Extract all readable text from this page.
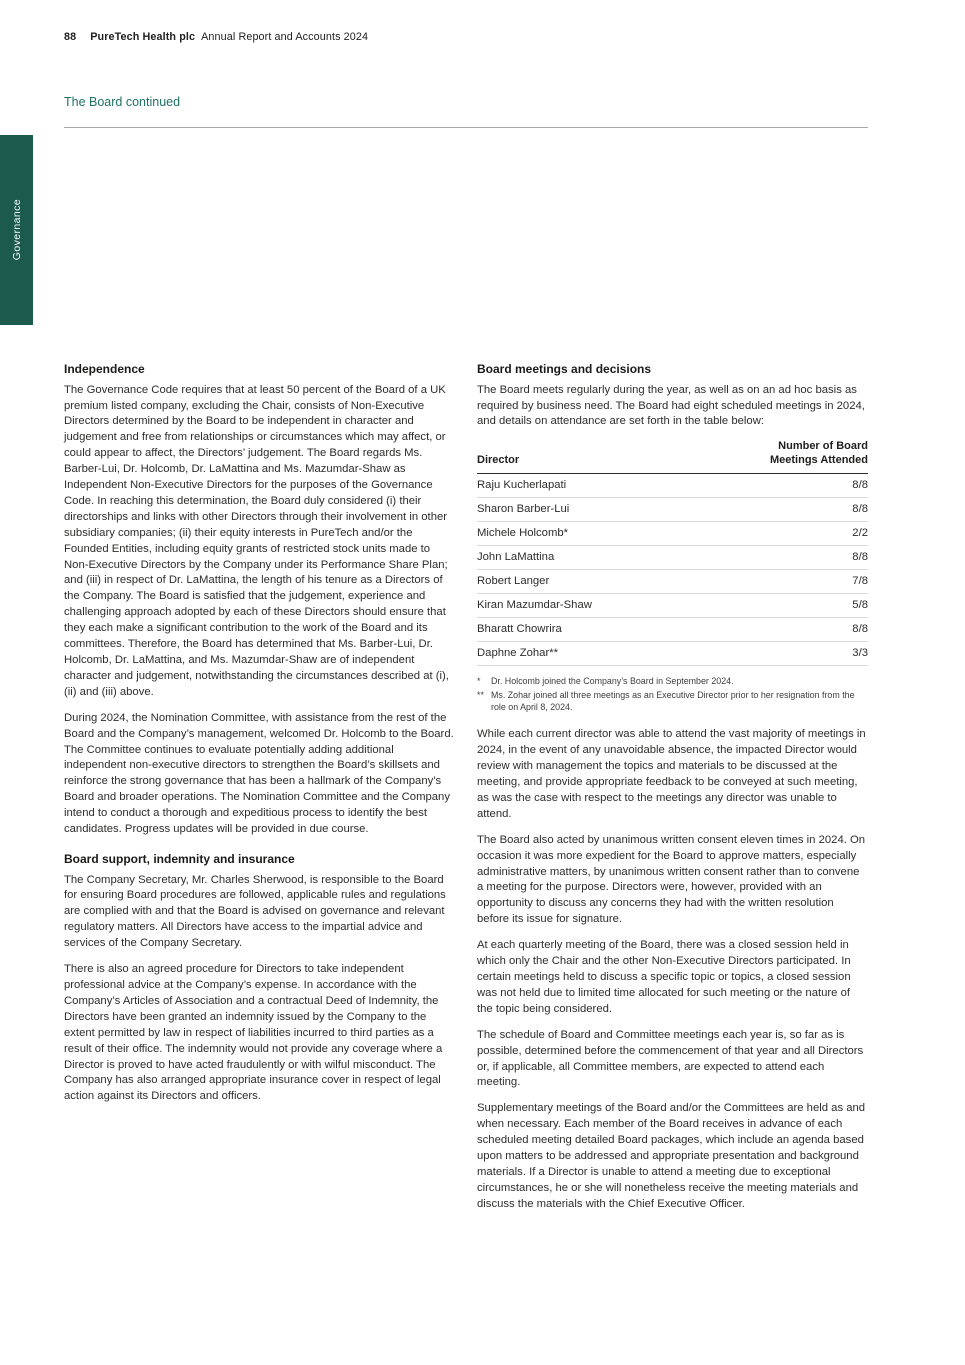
88 PureTech Health plc Annual Report and Accounts 2024
The Board continued
Governance
Independence

The Governance Code requires that at least 50 percent of the Board of a UK premium listed company, excluding the Chair, consists of Non-Executive Directors determined by the Board to be independent in character and judgement and free from relationships or circumstances which may affect, or could appear to affect, the Directors’ judgement. The Board regards Ms. Barber-Lui, Dr. Holcomb, Dr. LaMattina and Ms. Mazumdar-Shaw as Independent Non-Executive Directors for the purposes of the Governance Code. In reaching this determination, the Board duly considered (i) their directorships and links with other Directors through their involvement in other subsidiary companies; (ii) their equity interests in PureTech and/or the Founded Entities, including equity grants of restricted stock units made to Non-Executive Directors by the Company under its Performance Share Plan; and (iii) in respect of Dr. LaMattina, the length of his tenure as a Directors of the Company. The Board is satisfied that the judgement, experience and challenging approach adopted by each of these Directors should ensure that they each make a significant contribution to the work of the Board and its committees. Therefore, the Board has determined that Ms. Barber-Lui, Dr. Holcomb, Dr. LaMattina, and Ms. Mazumdar-Shaw are of independent character and judgement, notwithstanding the circumstances described at (i), (ii) and (iii) above.

During 2024, the Nomination Committee, with assistance from the rest of the Board and the Company’s management, welcomed Dr. Holcomb to the Board. The Committee continues to evaluate potentially adding additional independent non-executive directors to strengthen the Board’s skillsets and reinforce the strong governance that has been a hallmark of the Company’s Board and broader operations. The Nomination Committee and the Company intend to conduct a thorough and expeditious process to identify the best candidates. Progress updates will be provided in due course.

Board support, indemnity and insurance

The Company Secretary, Mr. Charles Sherwood, is responsible to the Board for ensuring Board procedures are followed, applicable rules and regulations are complied with and that the Board is advised on governance and relevant regulatory matters. All Directors have access to the impartial advice and services of the Company Secretary.

There is also an agreed procedure for Directors to take independent professional advice at the Company’s expense. In accordance with the Company’s Articles of Association and a contractual Deed of Indemnity, the Directors have been granted an indemnity issued by the Company to the extent permitted by law in respect of liabilities incurred to third parties as a result of their office. The indemnity would not provide any coverage where a Director is proved to have acted fraudulently or with wilful misconduct. The Company has also arranged appropriate insurance cover in respect of legal action against its Directors and officers.

Board meetings and decisions

The Board meets regularly during the year, as well as on an ad hoc basis as required by business need. The Board had eight scheduled meetings in 2024, and details on attendance are set forth in the table below:

Director	Number of Board Meetings Attended
Raju Kucherlapati	8/8
Sharon Barber-Lui	8/8
Michele Holcomb*	2/2
John LaMattina	8/8
Robert Langer	7/8
Kiran Mazumdar-Shaw	5/8
Bharatt Chowrira	8/8
Daphne Zohar**	3/3
*	Dr. Holcomb joined the Company’s Board in September 2024.
** Ms. Zohar joined all three meetings as an Executive Director prior to her resignation from the role on April 8, 2024.

While each current director was able to attend the vast majority of meetings in 2024, in the event of any unavoidable absence, the impacted Director would review with management the topics and materials to be discussed at the meeting, and provide appropriate feedback to be conveyed at such meeting, as was the case with respect to the meetings any director was unable to attend.

The Board also acted by unanimous written consent eleven times in 2024. On occasion it was more expedient for the Board to approve matters, especially administrative matters, by unanimous written consent rather than to convene a meeting for the purpose. Directors were, however, provided with an opportunity to discuss any concerns they had with the written resolution before its issue for signature.

At each quarterly meeting of the Board, there was a closed session held in which only the Chair and the other Non-Executive Directors participated. In certain meetings held to discuss a specific topic or topics, a closed session was not held due to limited time allocated for such meeting or the nature of the topic being considered.

The schedule of Board and Committee meetings each year is, so far as is possible, determined before the commencement of that year and all Directors or, if applicable, all Committee members, are expected to attend each meeting.

Supplementary meetings of the Board and/or the Committees are held as and when necessary. Each member of the Board receives in advance of each scheduled meeting detailed Board packages, which include an agenda based upon matters to be addressed and appropriate presentation and background materials. If a Director is unable to attend a meeting due to exceptional circumstances, he or she will nonetheless receive the meeting materials and discuss the materials with the Chief Executive Officer.
